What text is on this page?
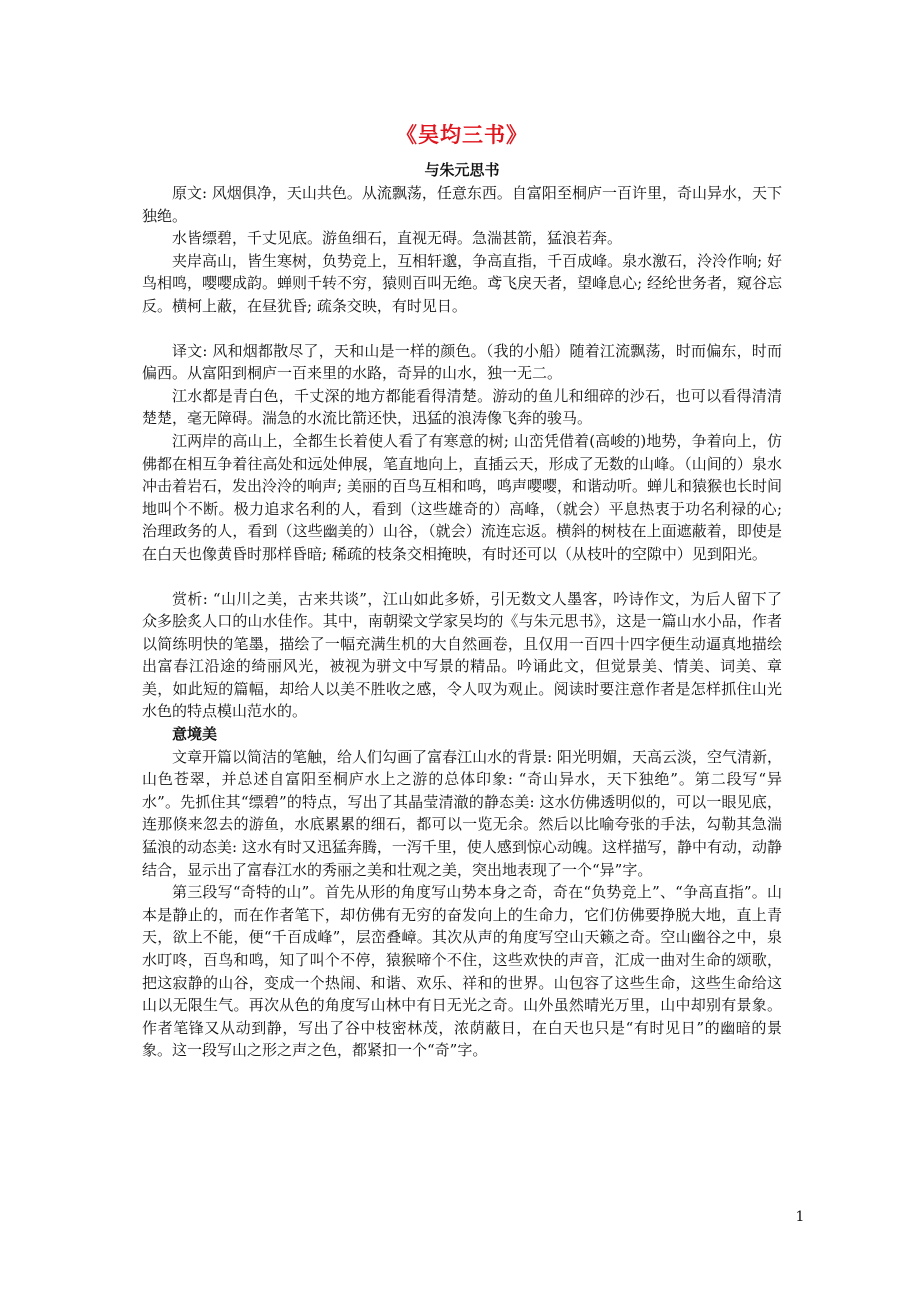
《吴均三书》
与朱元思书

原文: 风烟俱净，天山共色。从流飘荡，任意东西。自富阳至桐庐一百许里，奇山异水，天下独绝。

水皆缥碧，千丈见底。游鱼细石，直视无碍。急湍甚箭，猛浪若奔。

夹岸高山，皆生寒树，负势竞上，互相轩邈，争高直指，千百成峰。泉水激石，泠泠作响; 好鸟相鸣，嘤嘤成韵。蝉则千转不穷，猿则百叫无绝。鸢飞戾天者，望峰息心; 经纶世务者，窥谷忘反。横柯上蔽，在昼犹昏; 疏条交映，有时见日。

译文: 风和烟都散尽了，天和山是一样的颜色。（我的小船）随着江流飘荡，时而偏东，时而偏西。从富阳到桐庐一百来里的水路，奇异的山水，独一无二。

江水都是青白色，千丈深的地方都能看得清楚。游动的鱼儿和细碎的沙石，也可以看得清清楚楚，毫无障碍。湍急的水流比箭还快，迅猛的浪涛像飞奔的骏马。

江两岸的高山上，全都生长着使人看了有寒意的树; 山峦凭借着(高峻的)地势，争着向上，仿佛都在相互争着往高处和远处伸展，笔直地向上，直插云天，形成了无数的山峰。（山间的）泉水冲击着岩石，发出泠泠的响声; 美丽的百鸟互相和鸣，鸣声嘤嘤，和谐动听。蝉儿和猿猴也长时间地叫个不断。极力追求名利的人，看到（这些雄奇的）高峰，（就会）平息热衷于功名利禄的心; 治理政务的人，看到（这些幽美的）山谷，（就会）流连忘返。横斜的树枝在上面遮蔽着，即使是在白天也像黄昏时那样昏暗; 稀疏的枝条交相掩映，有时还可以（从枝叶的空隙中）见到阳光。

赏析: “山川之美，古来共谈”，江山如此多娇，引无数文人墨客，吟诗作文，为后人留下了众多脍炙人口的山水佳作。其中，南朝梁文学家吴均的《与朱元思书》，这是一篇山水小品，作者以简练明快的笔墨，描绘了一幅充满生机的大自然画卷，且仅用一百四十四字便生动逼真地描绘出富春江沿途的绮丽风光，被视为骈文中写景的精品。吟诵此文，但觉景美、情美、词美、章美，如此短的篇幅，却给人以美不胜收之感，令人叹为观止。阅读时要注意作者是怎样抓住山光水色的特点模山范水的。

意境美

文章开篇以简洁的笔触，给人们勾画了富春江山水的背景: 阳光明媚，天高云淡，空气清新，山色苍翠，并总述自富阳至桐庐水上之游的总体印象: “奇山异水，天下独绝”。第二段写“异水”。先抓住其“缥碧”的特点，写出了其晶莹清澈的静态美: 这水仿佛透明似的，可以一眼见底，连那倏来忽去的游鱼，水底累累的细石，都可以一览无余。然后以比喻夸张的手法，勾勒其急湍猛浪的动态美: 这水有时又迅猛奔腾，一泻千里，使人感到惊心动魄。这样描写，静中有动，动静结合，显示出了富春江水的秀丽之美和壮观之美，突出地表现了一个“异”字。

第三段写“奇特的山”。首先从形的角度写山势本身之奇，奇在“负势竞上”、“争高直指”。山本是静止的，而在作者笔下，却仿佛有无穷的奋发向上的生命力，它们仿佛要挣脱大地，直上青天，欲上不能，便“千百成峰”，层峦叠嶂。其次从声的角度写空山天籁之奇。空山幽谷之中，泉水叮咚，百鸟和鸣，知了叫个不停，猿猴啼个不住，这些欢快的声音，汇成一曲对生命的颂歌，把这寂静的山谷，变成一个热闹、和谐、欢乐、祥和的世界。山包容了这些生命，这些生命给这山以无限生气。再次从色的角度写山林中有日无光之奇。山外虽然晴光万里，山中却别有景象。作者笔锋又从动到静，写出了谷中枝密林茂，浓荫蔽日，在白天也只是“有时见日”的幽暗的景象。这一段写山之形之声之色，都紧扣一个“奇”字。

1
